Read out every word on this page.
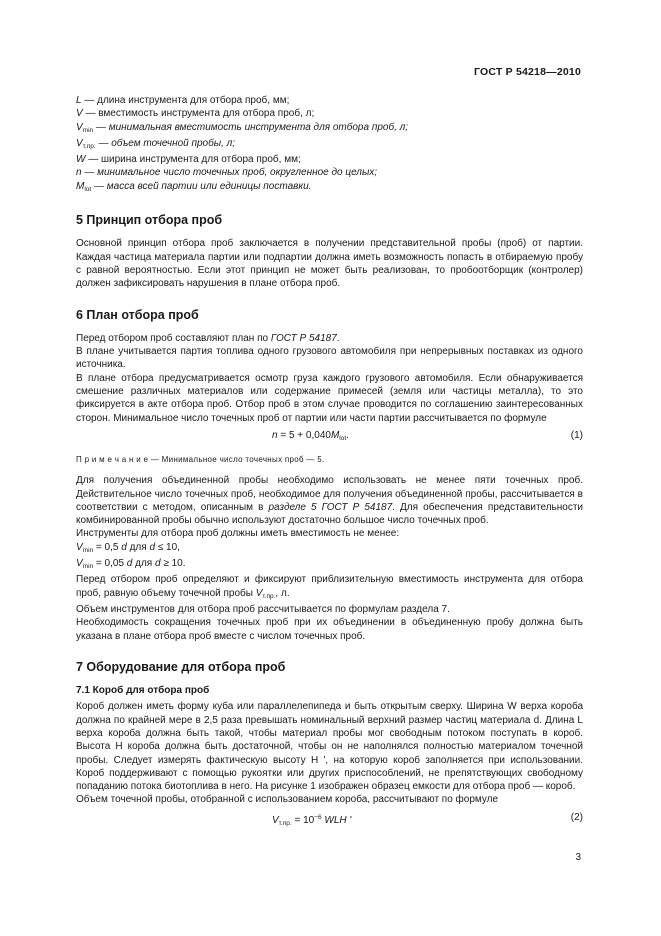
ГОСТ Р 54218—2010

L — длина инструмента для отбора проб, мм;

V — вместимость инструмента для отбора проб, л;

$V_{min}$ — минимальная вместимость инструмента для отбора проб, л;

$V_{т.пр.}$ — объем точечной пробы, л;

W — ширина инструмента для отбора проб, мм;

n — минимальное число точечных проб, округленное до целых;

$M_{lot}$ — масса всей партии или единицы поставки.

5 Принцип отбора проб

Основной принцип отбора проб заключается в получении представительной пробы (проб) от партии. Каждая частица материала партии или подпартии должна иметь возможность попасть в отбираемую пробу с равной вероятностью. Если этот принцип не может быть реализован, то пробоотборщик (контролер) должен зафиксировать нарушения в плане отбора проб.

6 План отбора проб

Перед отбором проб составляют план по ГОСТ Р 54187.

В плане учитывается партия топлива одного грузового автомобиля при непрерывных поставках из одного источника.

В плане отбора предусматривается осмотр груза каждого грузового автомобиля. Если обнаруживается смешение различных материалов или содержание примесей (земля или частицы металла), то это фиксируется в акте отбора проб. Отбор проб в этом случае проводится по соглашению заинтересованных сторон. Минимальное число точечных проб от партии или части партии рассчитывается по формуле

$n = 5 + 0,040M_{lot}$.	(1)

П р и м е ч а н и е — Минимальное число точечных проб — 5.

Для получения объединенной пробы необходимо использовать не менее пяти точечных проб. Действительное число точечных проб, необходимое для получения объединенной пробы, рассчитывается в соответствии с методом, описанным в разделе 5 ГОСТ Р 54187. Для обеспечения представительности комбинированной пробы обычно используют достаточно большое число точечных проб.

Инструменты для отбора проб должны иметь вместимость не менее:

$V_{min} = 0,5$ d для d ≤ 10,

$V_{min} = 0,05$ d для d ≥ 10.

Перед отбором проб определяют и фиксируют приблизительную вместимость инструмента для отбора проб, равную объему точечной пробы $V_{т.пр.}$, л.

Объем инструментов для отбора проб рассчитывается по формулам раздела 7.

Необходимость сокращения точечных проб при их объединении в объединенную пробу должна быть указана в плане отбора проб вместе с числом точечных проб.

7 Оборудование для отбора проб
7.1 Короб для отбора проб

Короб должен иметь форму куба или параллелепипеда и быть открытым сверху. Ширина W верха короба должна по крайней мере в 2,5 раза превышать номинальный верхний размер частиц материала d. Длина L верха короба должна быть такой, чтобы материал пробы мог свободным потоком поступать в короб. Высота H короба должна быть достаточной, чтобы он не наполнялся полностью материалом точечной пробы. Следует измерять фактическую высоту H ', на которую короб заполняется при использовании. Короб поддерживают с помощью рукоятки или других приспособлений, не препятствующих свободному попаданию потока биотоплива в него. На рисунке 1 изображен образец емкости для отбора проб — короб.

Объем точечной пробы, отобранной с использованием короба, рассчитывают по формуле

$V_{т.пр.} = 10^{-6}$ WLH '	(2)
3
